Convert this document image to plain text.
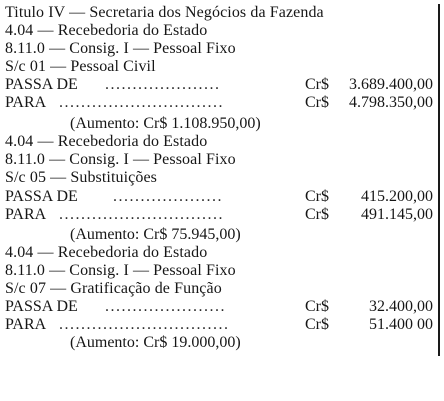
Titulo IV — Secretaria dos Negócios da Fazenda
4.04 — Recebedoria do Estado
8.11.0 — Consig. I — Pessoal Fixo
S/c 01 — Pessoal Civil
PASSA DE .....................	Cr$ 3.689.400,00
PARA ..............................	Cr$ 4.798.350,00
(Aumento: Cr$ 1.108.950,00)
4.04 — Recebedoria do Estado
8.11.0 — Consig. I — Pessoal Fixo
S/c 05 — Substituições
PASSA DE ....................	Cr$ 415.200,00
PARA ..............................	Cr$ 491.145,00
(Aumento: Cr$ 75.945,00)
4.04 — Recebedoria do Estado
8.11.0 — Consig. I — Pessoal Fixo
S/c 07 — Gratificação de Função
PASSA DE ......................	Cr$	32.400,00
PARA ...............................	Cr$	51.400 00
(Aumento: Cr$ 19.000,00)
